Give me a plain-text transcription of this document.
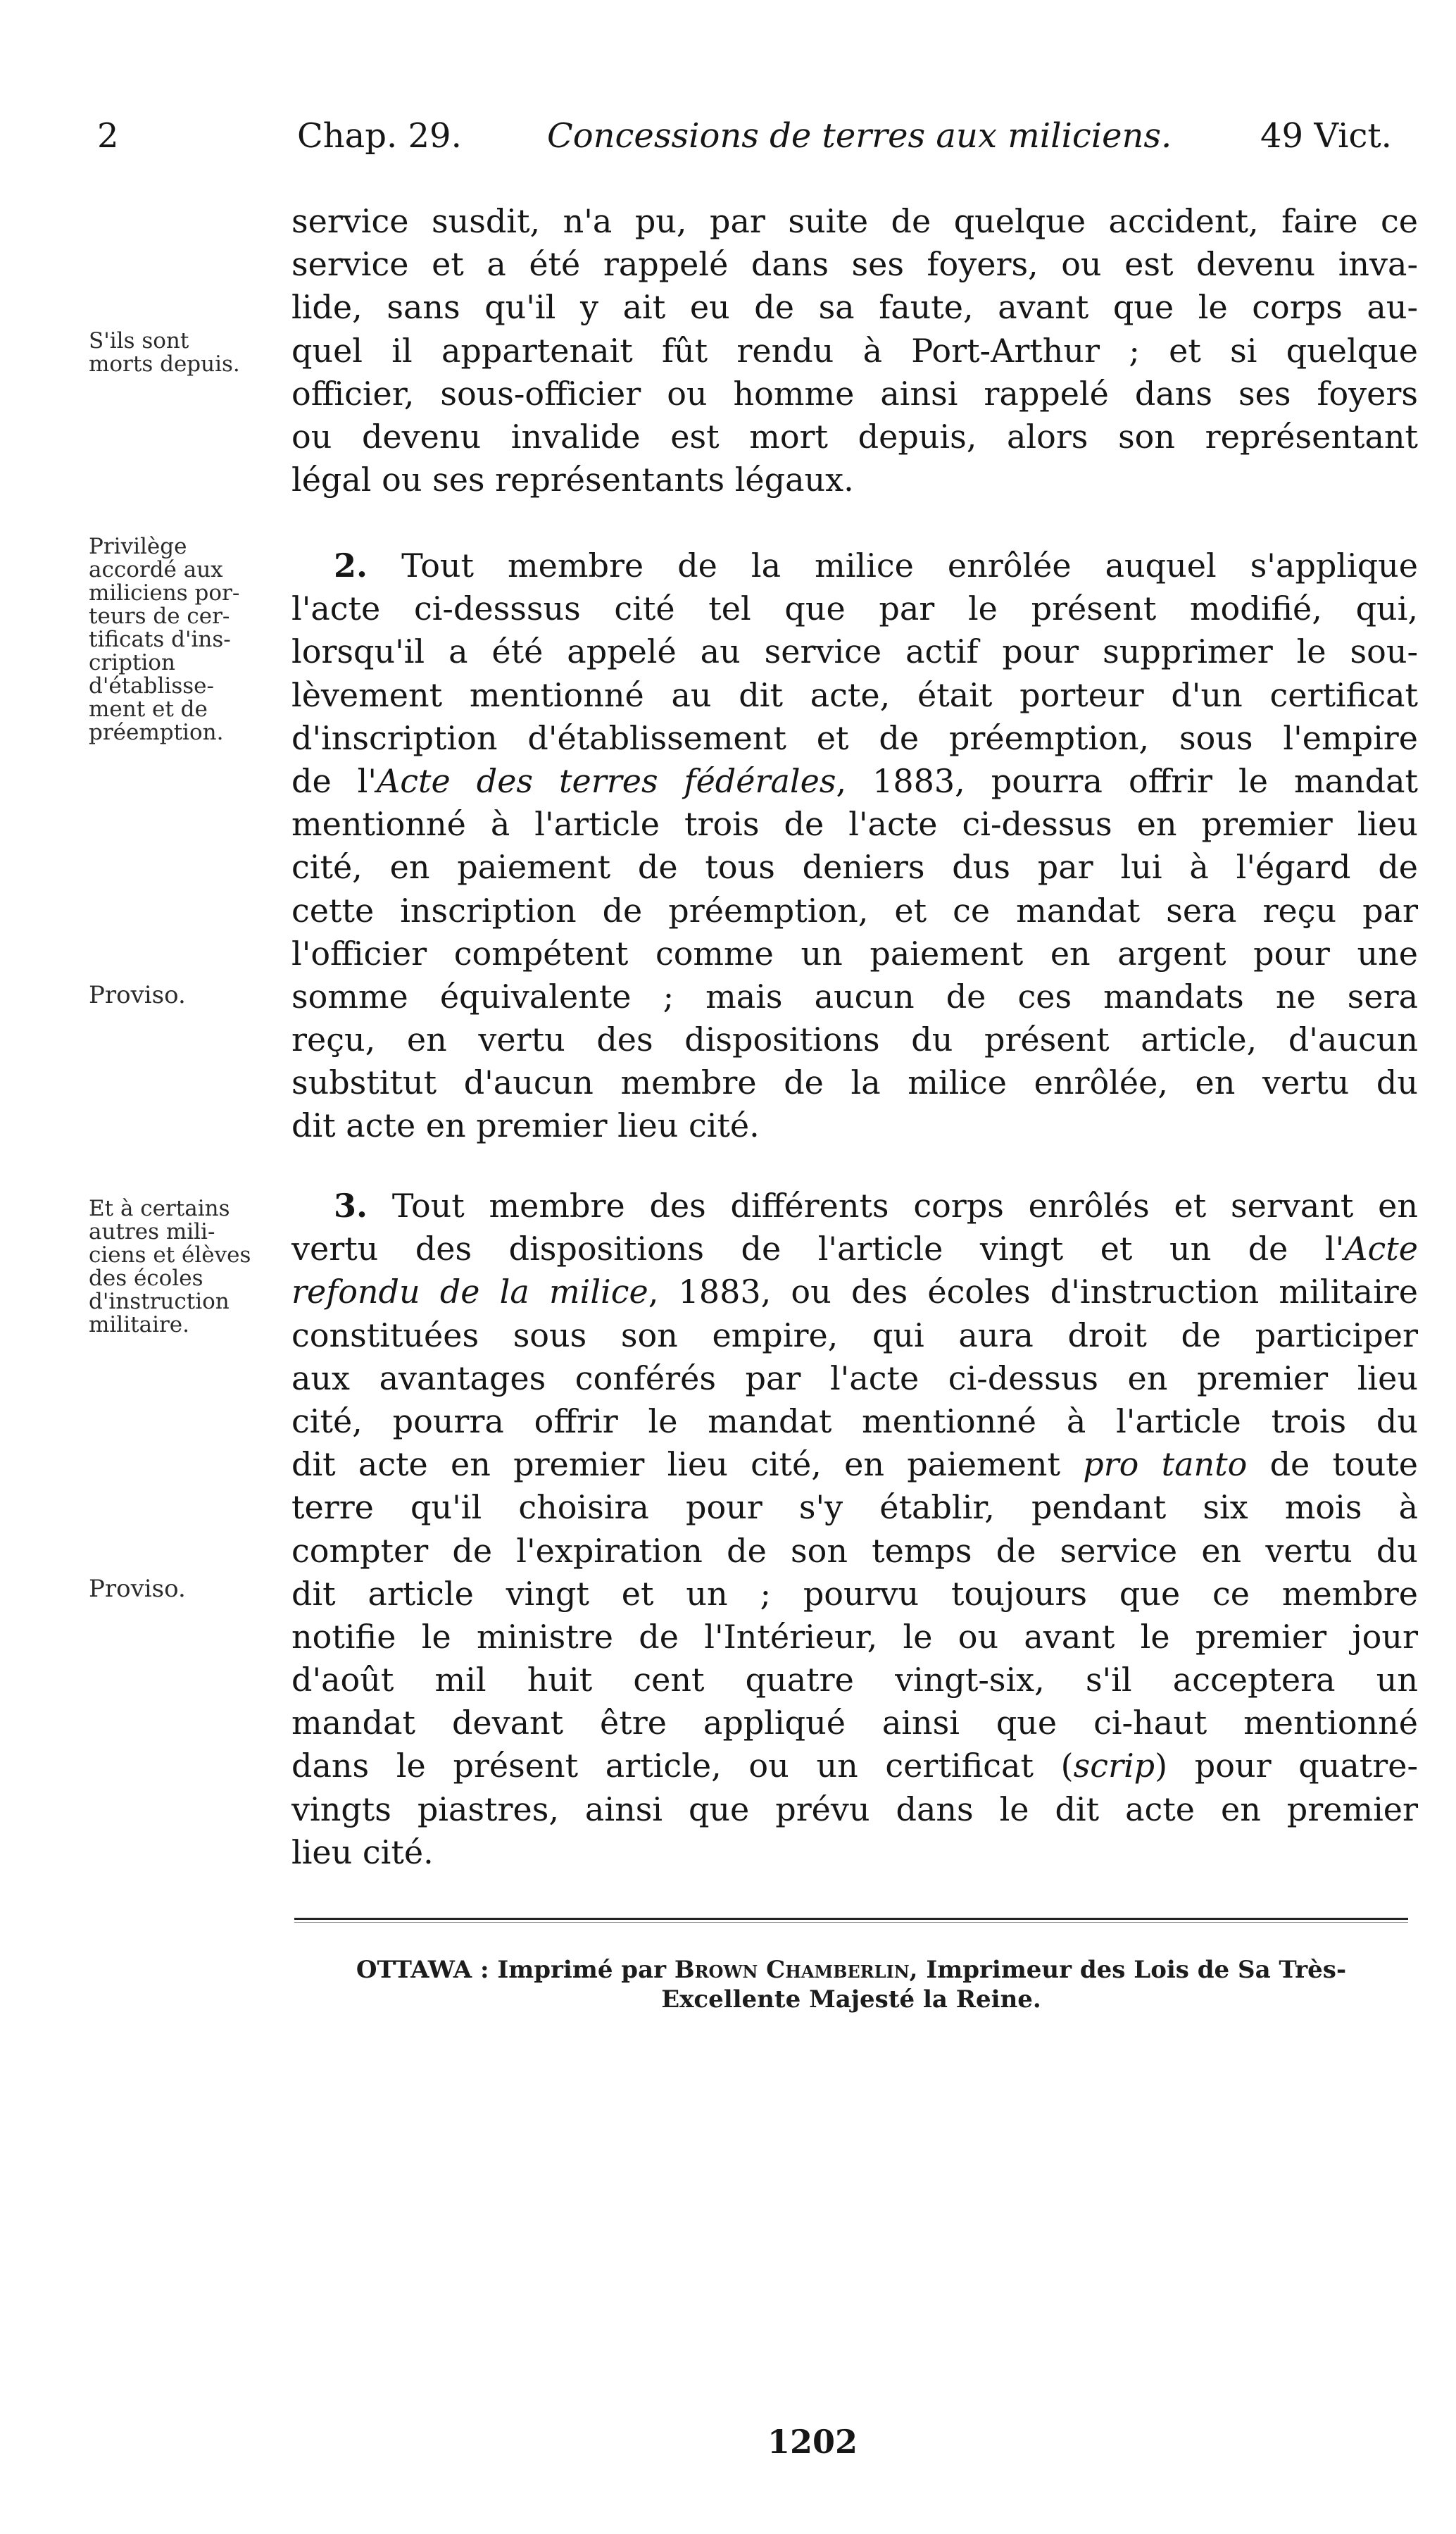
2	Chap. 29.	Concessions de terres aux miliciens.	49 Vict.
S'ils sont
morts depuis.
Privilège
accordé aux
miliciens por-
teurs de cer-
tificats d'ins-
cription
d'établisse-
ment et de
préemption.
Proviso.
Et à certains
autres mili-
ciens et élèves
des écoles
d'instruction
militaire.
Proviso.
service susdit, n'a pu, par suite de quelque accident, faire ce
service et a été rappelé dans ses foyers, ou est devenu inva-
lide, sans qu'il y ait eu de sa faute, avant que le corps au-
quel il appartenait fût rendu à Port-Arthur ; et si quelque
officier, sous-officier ou homme ainsi rappelé dans ses foyers
ou devenu invalide est mort depuis, alors son représentant
légal ou ses représentants légaux.
2. Tout membre de la milice enrôlée auquel s'applique
l'acte ci-desssus cité tel que par le présent modifié, qui,
lorsqu'il a été appelé au service actif pour supprimer le sou-
lèvement mentionné au dit acte, était porteur d'un certificat
d'inscription d'établissement et de préemption, sous l'empire
de l'Acte des terres fédérales, 1883, pourra offrir le mandat
mentionné à l'article trois de l'acte ci-dessus en premier lieu
cité, en paiement de tous deniers dus par lui à l'égard de
cette inscription de préemption, et ce mandat sera reçu par
l'officier compétent comme un paiement en argent pour une
somme équivalente ; mais aucun de ces mandats ne sera
reçu, en vertu des dispositions du présent article, d'aucun
substitut d'aucun membre de la milice enrôlée, en vertu du
dit acte en premier lieu cité.
3. Tout membre des différents corps enrôlés et servant en
vertu des dispositions de l'article vingt et un de l'Acte
refondu de la milice, 1883, ou des écoles d'instruction militaire
constituées sous son empire, qui aura droit de participer
aux avantages conférés par l'acte ci-dessus en premier lieu
cité, pourra offrir le mandat mentionné à l'article trois du
dit acte en premier lieu cité, en paiement pro tanto de toute
terre qu'il choisira pour s'y établir, pendant six mois à
compter de l'expiration de son temps de service en vertu du
dit article vingt et un ; pourvu toujours que ce membre
notifie le ministre de l'Intérieur, le ou avant le premier jour
d'août mil huit cent quatre vingt-six, s'il acceptera un
mandat devant être appliqué ainsi que ci-haut mentionné
dans le présent article, ou un certificat (scrip) pour quatre-
vingts piastres, ainsi que prévu dans le dit acte en premier
lieu cité.
OTTAWA : Imprimé par Brown Chamberlin, Imprimeur des Lois de Sa Très-
Excellente Majesté la Reine.
1202
